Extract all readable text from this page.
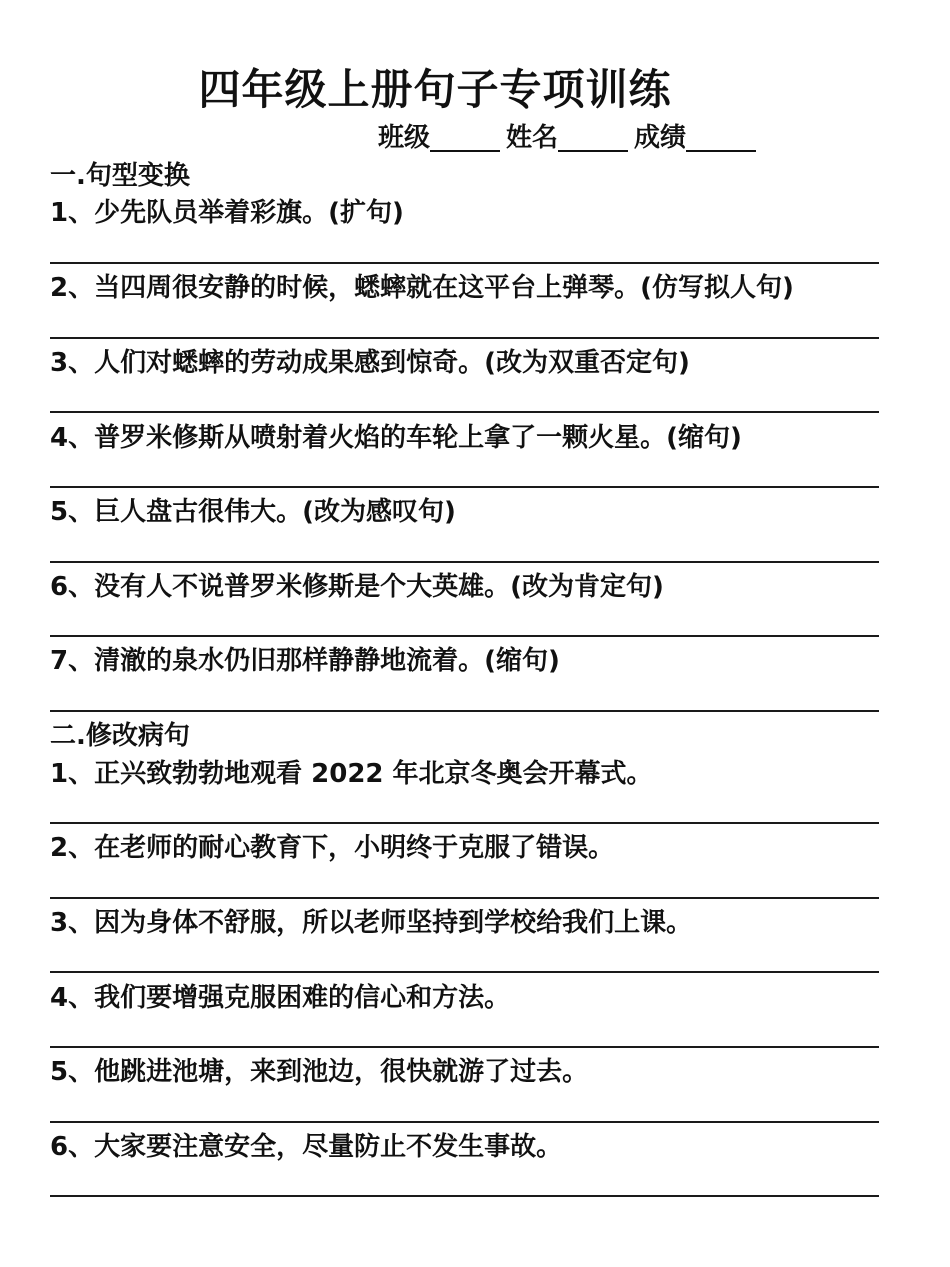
四年级上册句子专项训练
班级	姓名	成绩
一.句型变换
1、少先队员举着彩旗。(扩句)
2、当四周很安静的时候，蟋蟀就在这平台上弹琴。(仿写拟人句)
3、人们对蟋蟀的劳动成果感到惊奇。(改为双重否定句)
4、普罗米修斯从喷射着火焰的车轮上拿了一颗火星。(缩句)
5、巨人盘古很伟大。(改为感叹句)
6、没有人不说普罗米修斯是个大英雄。(改为肯定句)
7、清澈的泉水仍旧那样静静地流着。(缩句)
二.修改病句
1、正兴致勃勃地观看 2022 年北京冬奥会开幕式。
2、在老师的耐心教育下，小明终于克服了错误。
3、因为身体不舒服，所以老师坚持到学校给我们上课。
4、我们要增强克服困难的信心和方法。
5、他跳进池塘，来到池边，很快就游了过去。
6、大家要注意安全，尽量防止不发生事故。
